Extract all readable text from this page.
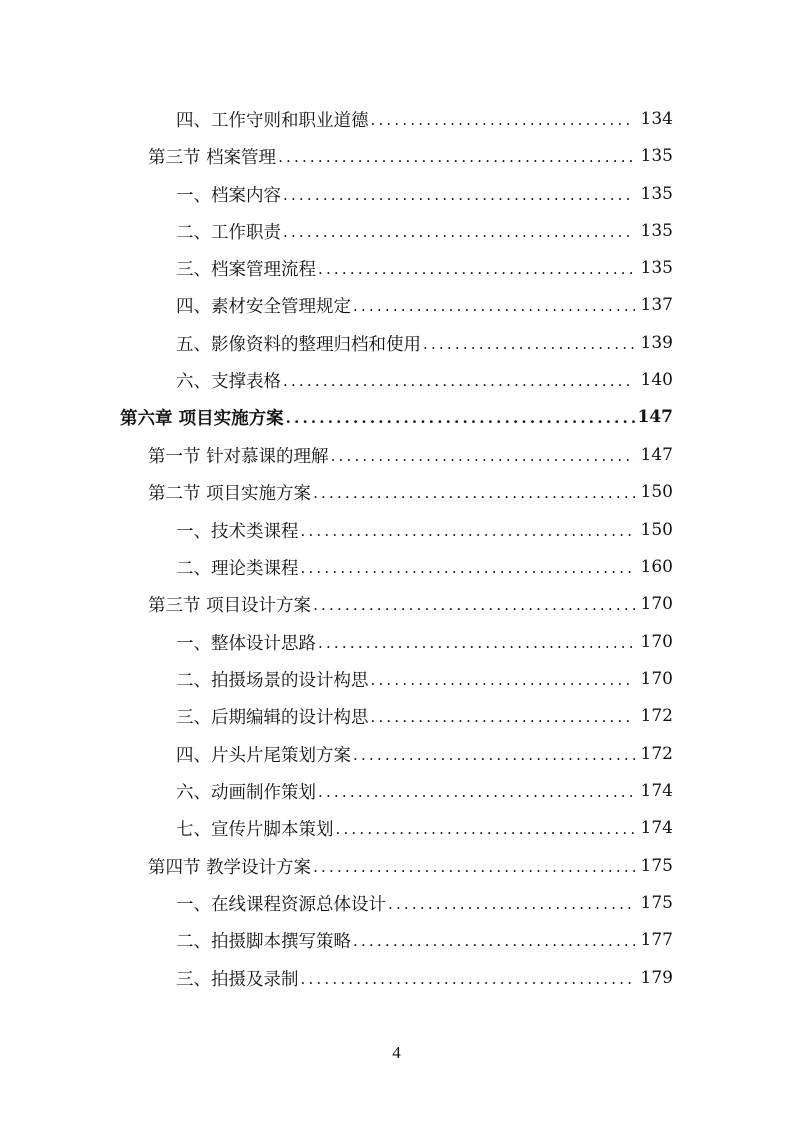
四、工作守则和职业道德 .....	134
第三节 档案管理 .....	135
一、档案内容 .....	135
二、工作职责 .....	135
三、档案管理流程 .....	135
四、素材安全管理规定 .....	137
五、影像资料的整理归档和使用 .....	139
六、支撑表格 .....	140
第六章 项目实施方案 .....	147
第一节 针对慕课的理解 .....	147
第二节 项目实施方案 .....	150
一、技术类课程 .....	150
二、理论类课程 .....	160
第三节 项目设计方案 .....	170
一、整体设计思路 .....	170
二、拍摄场景的设计构思 .....	170
三、后期编辑的设计构思 .....	172
四、片头片尾策划方案 .....	172
六、动画制作策划 .....	174
七、宣传片脚本策划 .....	174
第四节 教学设计方案 .....	175
一、在线课程资源总体设计 .....	175
二、拍摄脚本撰写策略 .....	177
三、拍摄及录制 .....	179
4
